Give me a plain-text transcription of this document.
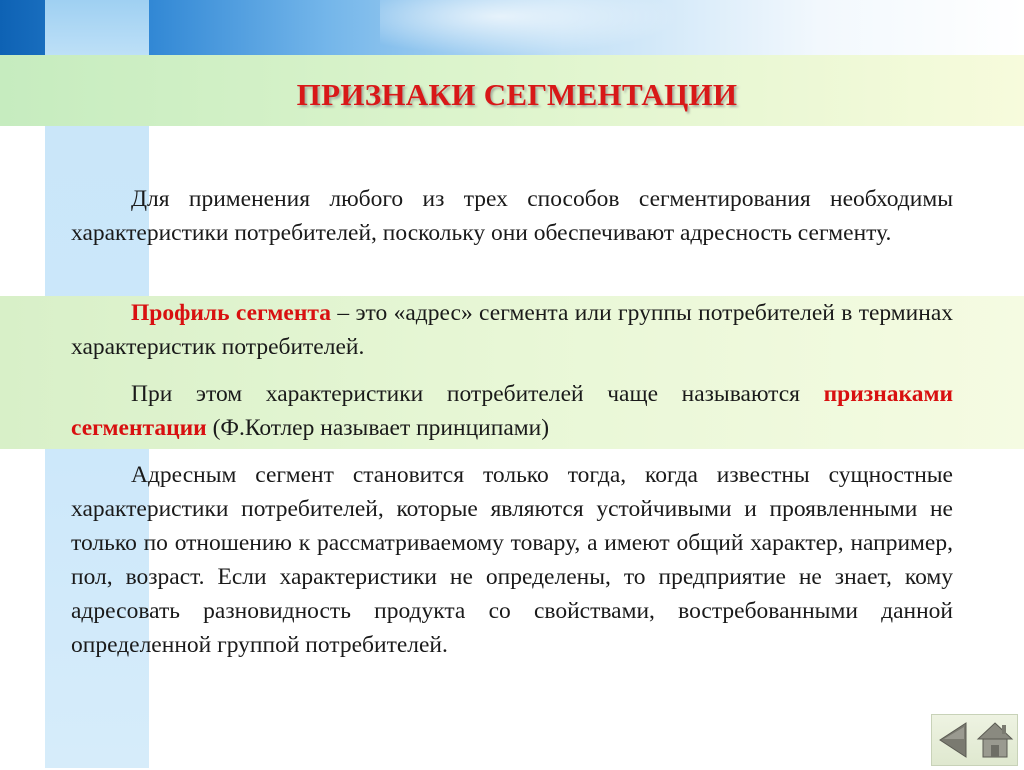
ПРИЗНАКИ СЕГМЕНТАЦИИ

Для применения любого из трех способов сегментирования необходимы характеристики потребителей, поскольку они обеспечивают адресность сегменту.

Профиль сегмента – это «адрес» сегмента или группы потребителей в терминах характеристик потребителей.

При этом характеристики потребителей чаще называются признаками сегментации (Ф.Котлер называет принципами)

Адресным сегмент становится только тогда, когда известны сущностные характеристики потребителей, которые являются устойчивыми и проявленными не только по отношению к рассматриваемому товару, а имеют общий характер, например, пол, возраст. Если характеристики не определены, то предприятие не знает, кому адресовать разновидность продукта со свойствами, востребованными данной определенной группой потребителей.
